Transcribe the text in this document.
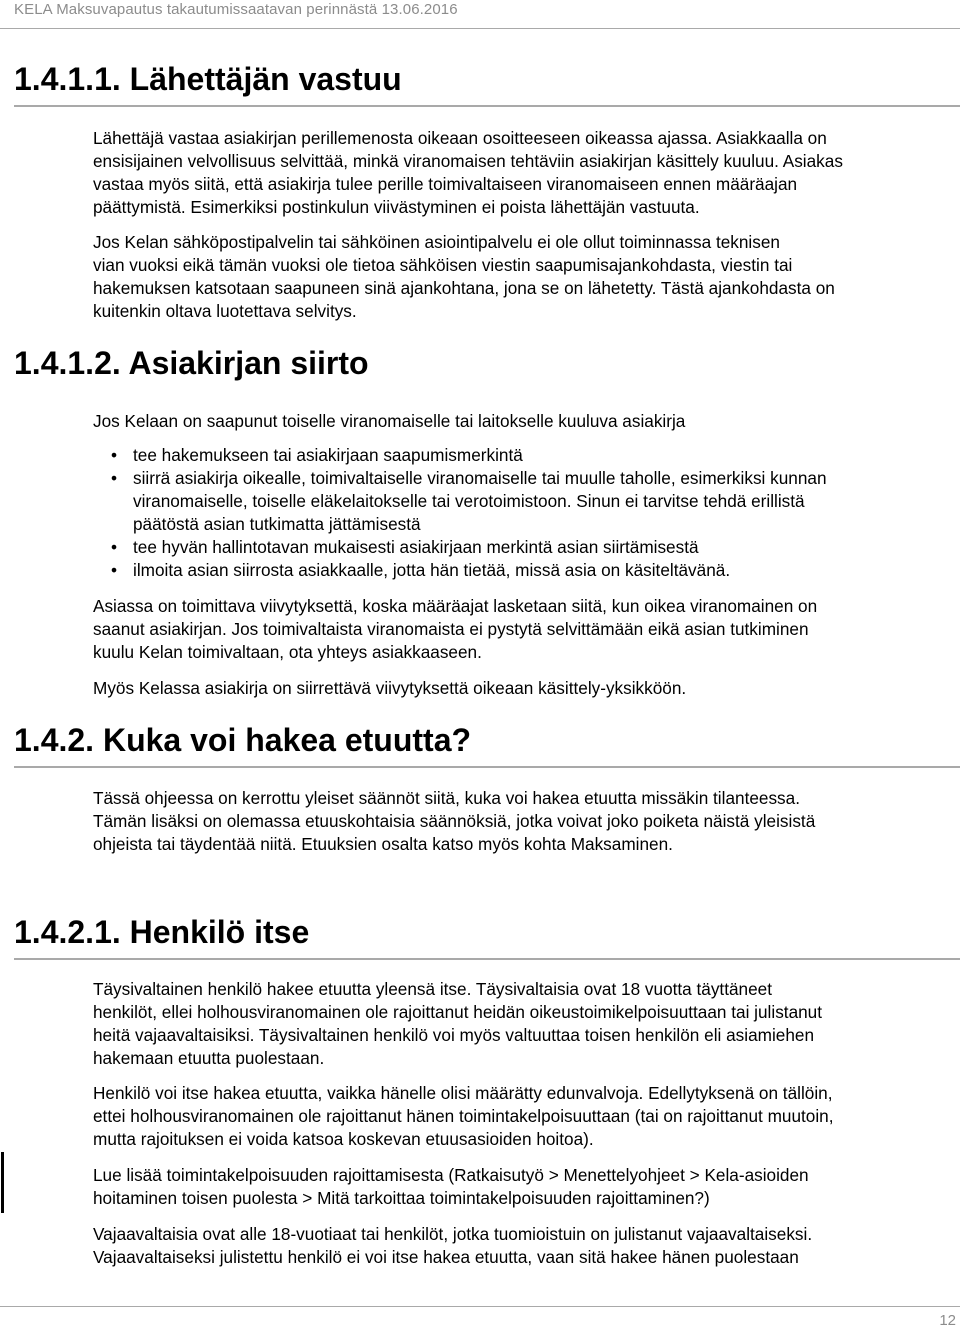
KELA Maksuvapautus takautumissaatavan perinnästä 13.06.2016
1.4.1.1. Lähettäjän vastuu
Lähettäjä vastaa asiakirjan perillemenosta oikeaan osoitteeseen oikeassa ajassa. Asiakkaalla on
ensisijainen velvollisuus selvittää, minkä viranomaisen tehtäviin asiakirjan käsittely kuuluu. Asiakas
vastaa myös siitä, että asiakirja tulee perille toimivaltaiseen viranomaiseen ennen määräajan
päättymistä. Esimerkiksi postinkulun viivästyminen ei poista lähettäjän vastuuta.
Jos Kelan sähköpostipalvelin tai sähköinen asiointipalvelu ei ole ollut toiminnassa teknisen
vian vuoksi eikä tämän vuoksi ole tietoa sähköisen viestin saapumisajankohdasta, viestin tai
hakemuksen katsotaan saapuneen sinä ajankohtana, jona se on lähetetty. Tästä ajankohdasta on
kuitenkin oltava luotettava selvitys.
1.4.1.2. Asiakirjan siirto
Jos Kelaan on saapunut toiselle viranomaiselle tai laitokselle kuuluva asiakirja
• tee hakemukseen tai asiakirjaan saapumismerkintä
• siirrä asiakirja oikealle, toimivaltaiselle viranomaiselle tai muulle taholle, esimerkiksi kunnan
viranomaiselle, toiselle eläkelaitokselle tai verotoimistoon. Sinun ei tarvitse tehdä erillistä
päätöstä asian tutkimatta jättämisestä
• tee hyvän hallintotavan mukaisesti asiakirjaan merkintä asian siirtämisestä
• ilmoita asian siirrosta asiakkaalle, jotta hän tietää, missä asia on käsiteltävänä.
Asiassa on toimittava viivytyksettä, koska määräajat lasketaan siitä, kun oikea viranomainen on
saanut asiakirjan. Jos toimivaltaista viranomaista ei pystytä selvittämään eikä asian tutkiminen
kuulu Kelan toimivaltaan, ota yhteys asiakkaaseen.
Myös Kelassa asiakirja on siirrettävä viivytyksettä oikeaan käsittely-yksikköön.
1.4.2. Kuka voi hakea etuutta?
Tässä ohjeessa on kerrottu yleiset säännöt siitä, kuka voi hakea etuutta missäkin tilanteessa.
Tämän lisäksi on olemassa etuuskohtaisia säännöksiä, jotka voivat joko poiketa näistä yleisistä
ohjeista tai täydentää niitä. Etuuksien osalta katso myös kohta Maksaminen.
1.4.2.1. Henkilö itse
Täysivaltainen henkilö hakee etuutta yleensä itse. Täysivaltaisia ovat 18 vuotta täyttäneet
henkilöt, ellei holhousviranomainen ole rajoittanut heidän oikeustoimikelpoisuuttaan tai julistanut
heitä vajaavaltaisiksi. Täysivaltainen henkilö voi myös valtuuttaa toisen henkilön eli asiamiehen
hakemaan etuutta puolestaan.
Henkilö voi itse hakea etuutta, vaikka hänelle olisi määrätty edunvalvoja. Edellytyksenä on tällöin,
ettei holhousviranomainen ole rajoittanut hänen toimintakelpoisuuttaan (tai on rajoittanut muutoin,
mutta rajoituksen ei voida katsoa koskevan etuusasioiden hoitoa).
Lue lisää toimintakelpoisuuden rajoittamisesta (Ratkaisutyö > Menettelyohjeet > Kela-asioiden
hoitaminen toisen puolesta > Mitä tarkoittaa toimintakelpoisuuden rajoittaminen?)
Vajaavaltaisia ovat alle 18-vuotiaat tai henkilöt, jotka tuomioistuin on julistanut vajaavaltaiseksi.
Vajaavaltaiseksi julistettu henkilö ei voi itse hakea etuutta, vaan sitä hakee hänen puolestaan
12
